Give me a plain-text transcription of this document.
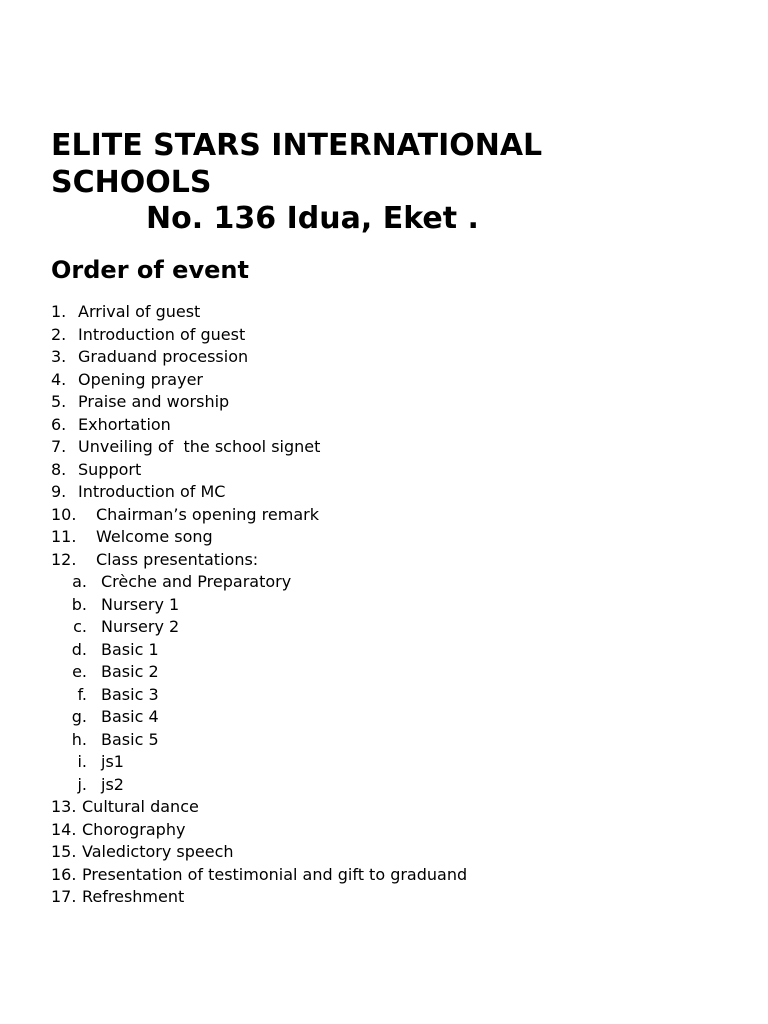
ELITE STARS INTERNATIONAL SCHOOLS
No. 136 Idua, Eket .
Order of event
1. Arrival of guest
2. Introduction of guest
3. Graduand procession
4. Opening prayer
5. Praise and worship
6. Exhortation
7. Unveiling of  the school signet
8. Support
9. Introduction of MC
10. Chairman’s opening remark
11. Welcome song
12. Class presentations:
a. Crèche and Preparatory
b. Nursery 1
c. Nursery 2
d. Basic 1
e. Basic 2
f. Basic 3
g. Basic 4
h. Basic 5
i. js1
j. js2
13. Cultural dance
14. Chorography
15. Valedictory speech
16. Presentation of testimonial and gift to graduand
17. Refreshment
